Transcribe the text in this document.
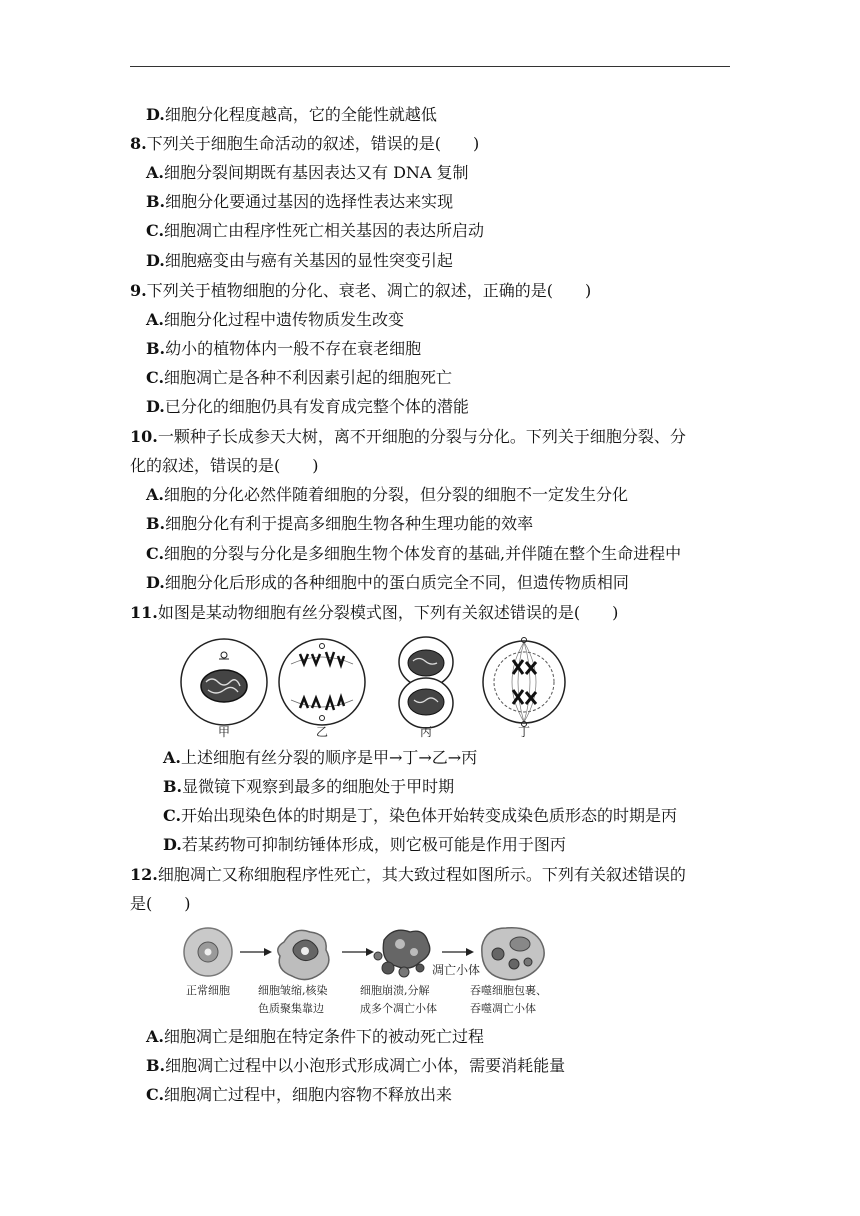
D.细胞分化程度越高，它的全能性就越低
8.下列关于细胞生命活动的叙述，错误的是(　　)
A.细胞分裂间期既有基因表达又有 DNA 复制
B.细胞分化要通过基因的选择性表达来实现
C.细胞凋亡由程序性死亡相关基因的表达所启动
D.细胞癌变由与癌有关基因的显性突变引起
9.下列关于植物细胞的分化、衰老、凋亡的叙述，正确的是(　　)
A.细胞分化过程中遗传物质发生改变
B.幼小的植物体内一般不存在衰老细胞
C.细胞凋亡是各种不利因素引起的细胞死亡
D.已分化的细胞仍具有发育成完整个体的潜能
10.一颗种子长成参天大树，离不开细胞的分裂与分化。下列关于细胞分裂、分
化的叙述，错误的是(　　)
A.细胞的分化必然伴随着细胞的分裂，但分裂的细胞不一定发生分化
B.细胞分化有利于提高多细胞生物各种生理功能的效率
C.细胞的分裂与分化是多细胞生物个体发育的基础,并伴随在整个生命进程中
D.细胞分化后形成的各种细胞中的蛋白质完全不同，但遗传物质相同
11.如图是某动物细胞有丝分裂模式图，下列有关叙述错误的是(　　)
甲	乙	丙	丁
A.上述细胞有丝分裂的顺序是甲→丁→乙→丙
B.显微镜下观察到最多的细胞处于甲时期
C.开始出现染色体的时期是丁，染色体开始转变成染色质形态的时期是丙
D.若某药物可抑制纺锤体形成，则它极可能是作用于图丙
12.细胞凋亡又称细胞程序性死亡，其大致过程如图所示。下列有关叙述错误的
是(　　)
凋亡小体
正常细胞	细胞皱缩,核染
色质聚集靠边
细胞崩溃,分解
成多个凋亡小体
吞噬细胞包裹、
吞噬凋亡小体
A.细胞凋亡是细胞在特定条件下的被动死亡过程
B.细胞凋亡过程中以小泡形式形成凋亡小体，需要消耗能量
C.细胞凋亡过程中，细胞内容物不释放出来
